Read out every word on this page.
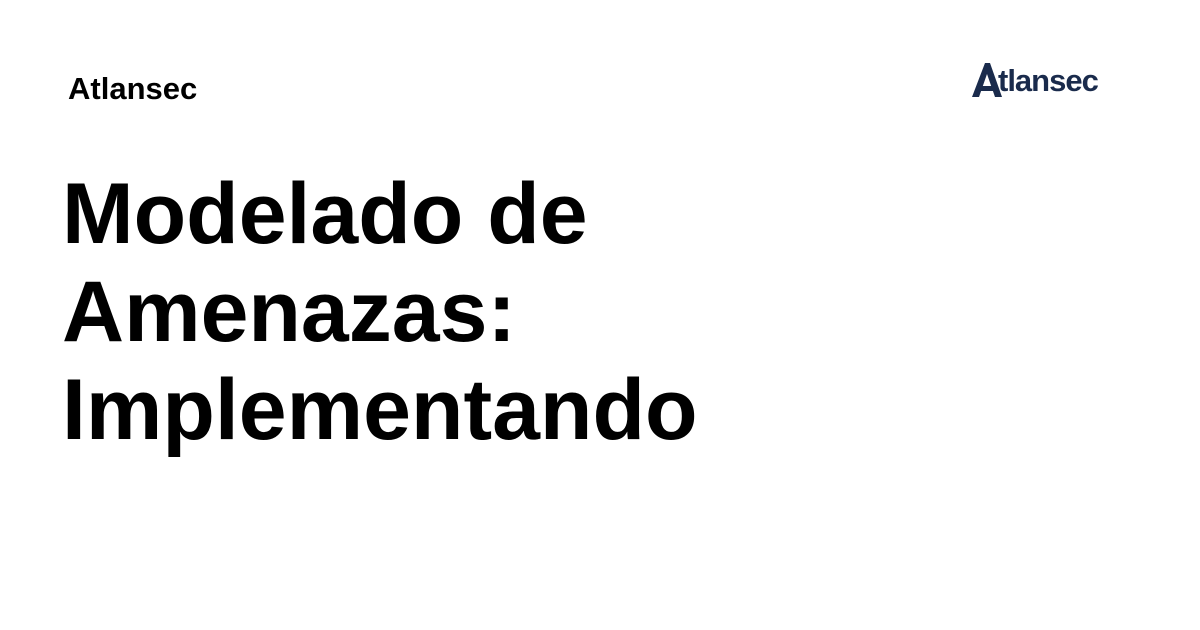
Atlansec	tlansec
Modelado de
Amenazas:
Implementando
